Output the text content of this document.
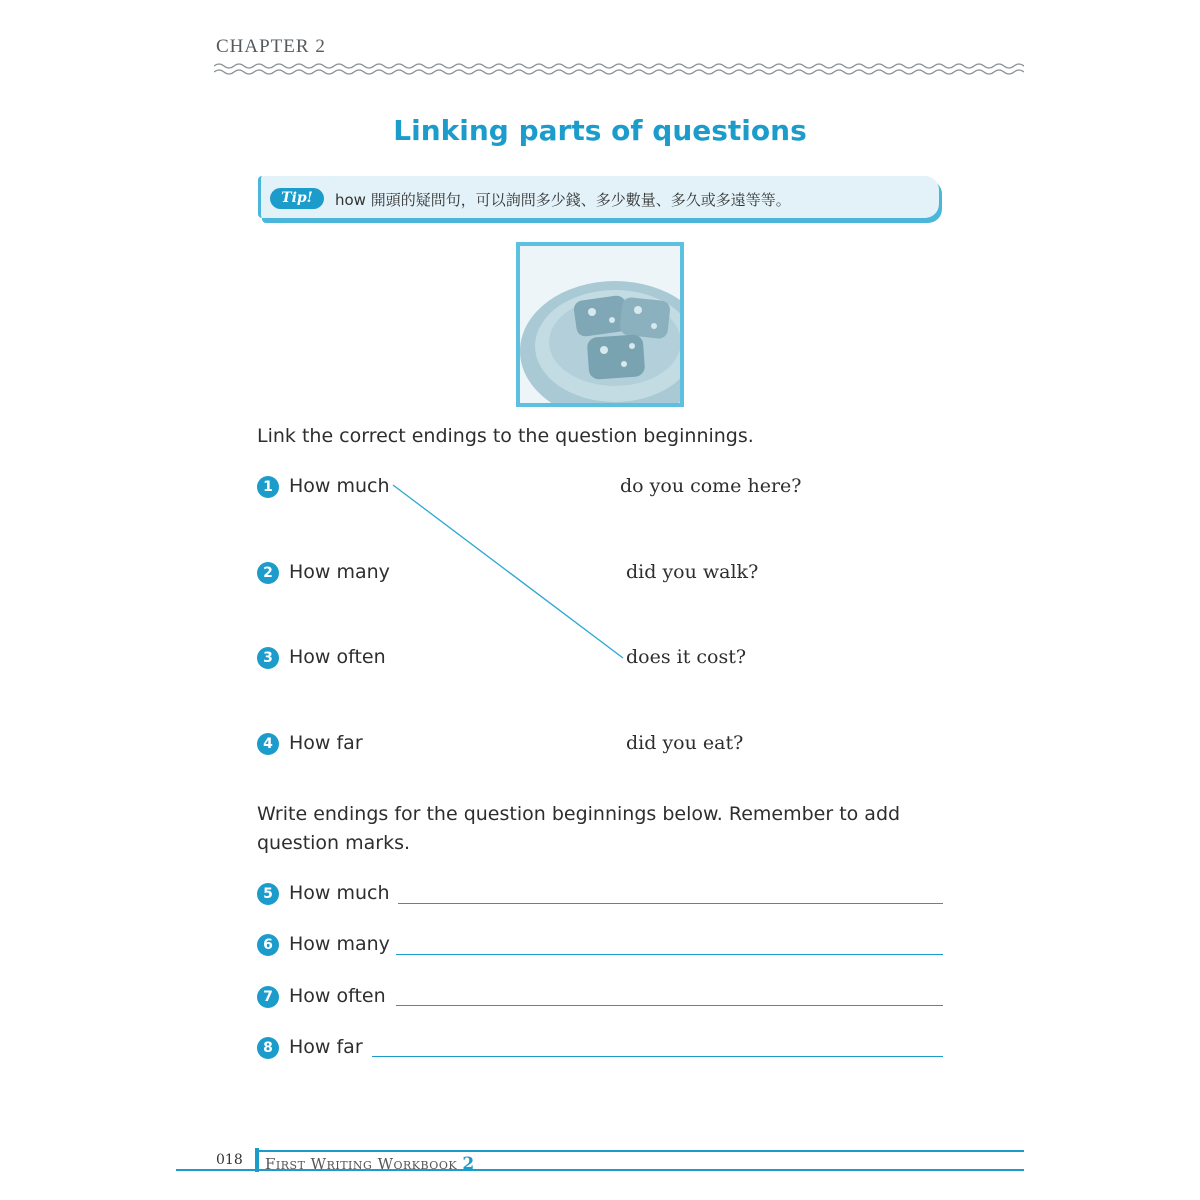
CHAPTER 2
Linking parts of questions
Tip!	how 開頭的疑問句，可以詢問多少錢、多少數量、多久或多遠等等。
Link the correct endings to the question beginnings.
1 How much	do you come here?
2 How many	did you walk?
3 How often	does it cost?
4 How far	did you eat?
Write endings for the question beginnings below. Remember to add
question marks.
5 How much
6 How many
7 How often
8 How far
018 First Writing Workbook 2
